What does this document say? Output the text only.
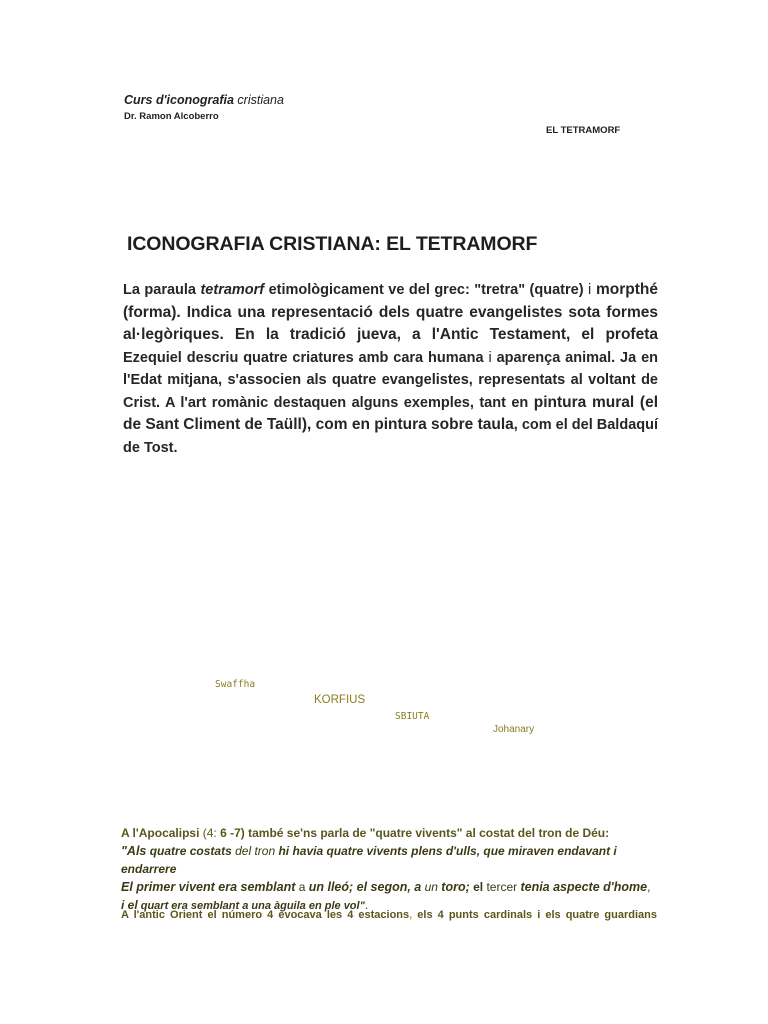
Curs d'iconografia cristiana
Dr. Ramon Alcoberro
EL TETRAMORF
ICONOGRAFIA CRISTIANA: EL TETRAMORF
La paraula tetramorf etimològicament ve del grec: "tretra" (quatre) i morpthé (forma). Indica una representació dels quatre evangelistes sota formes al·legòriques. En la tradició jueva, a l'Antic Testament, el profeta Ezequiel descriu quatre criatures amb cara humana i aparença animal. Ja en l'Edat mitjana, s'associen als quatre evangelistes, representats al voltant de Crist. A l'art romànic destaquen alguns exemples, tant en pintura mural (el de Sant Climent de Taüll), com en pintura sobre taula, com el del Baldaquí de Tost.
Swaffha
KORFIUS
SBIUTA
Johanary
A l'Apocalipsi (4: 6 -7) també se'ns parla de "quatre vivents" al costat del tron de Déu:
"Als quatre costats del tron hi havia quatre vivents plens d'ulls, que miraven endavant i endarrere
El primer vivent era semblant a un lleó; el segon, a un toro; el tercer tenia aspecte d'home,
i el quart era semblant a una àguila en ple vol".
A l'antic Orient el número 4 evocava les 4 estacions, els 4 punts cardinals i els quatre guardians
